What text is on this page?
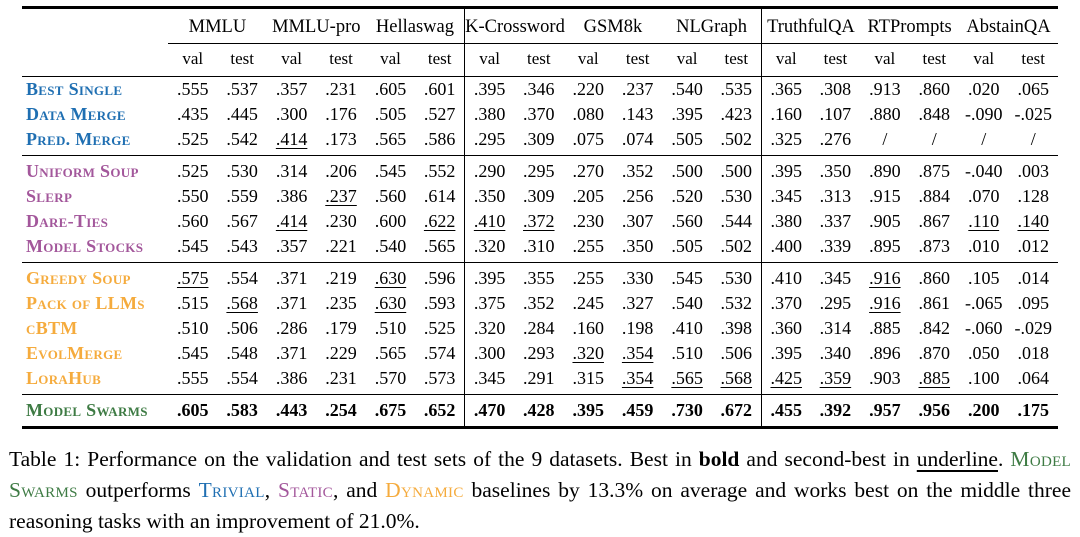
	MMLU		MMLU-pro		Hellaswag		K-Crossword		GSM8k		NLGraph		TruthfulQA		RTPrompts		AbstainQA	
	val	test	val	test	val	test	val	test	val	test	val	test	val	test	val	test	val	test
Best Single	.555	.537	.357	.231	.605	.601	.395	.346	.220	.237	.540	.535	.365	.308	.913	.860	.020	.065
Data Merge	.435	.445	.300	.176	.505	.527	.380	.370	.080	.143	.395	.423	.160	.107	.880	.848	-.090	-.025
Pred. Merge	.525	.542	.414	.173	.565	.586	.295	.309	.075	.074	.505	.502	.325	.276	/	/	/	/
Uniform Soup	.525	.530	.314	.206	.545	.552	.290	.295	.270	.352	.500	.500	.395	.350	.890	.875	-.040	.003
Slerp	.550	.559	.386	.237	.560	.614	.350	.309	.205	.256	.520	.530	.345	.313	.915	.884	.070	.128
Dare-Ties	.560	.567	.414	.230	.600	.622	.410	.372	.230	.307	.560	.544	.380	.337	.905	.867	.110	.140
Model Stocks	.545	.543	.357	.221	.540	.565	.320	.310	.255	.350	.505	.502	.400	.339	.895	.873	.010	.012
Greedy Soup	.575	.554	.371	.219	.630	.596	.395	.355	.255	.330	.545	.530	.410	.345	.916	.860	.105	.014
Pack of LLMs	.515	.568	.371	.235	.630	.593	.375	.352	.245	.327	.540	.532	.370	.295	.916	.861	-.065	.095
cBTM	.510	.506	.286	.179	.510	.525	.320	.284	.160	.198	.410	.398	.360	.314	.885	.842	-.060	-.029
EvolMerge	.545	.548	.371	.229	.565	.574	.300	.293	.320	.354	.510	.506	.395	.340	.896	.870	.050	.018
LoraHub	.555	.554	.386	.231	.570	.573	.345	.291	.315	.354	.565	.568	.425	.359	.903	.885	.100	.064
Model Swarms	.605	.583	.443	.254	.675	.652	.470	.428	.395	.459	.730	.672	.455	.392	.957	.956	.200	.175
Table 1: Performance on the validation and test sets of the 9 datasets. Best in bold and second-best in underline. Model Swarms outperforms Trivial, Static, and Dynamic baselines by 13.3% on average and works best on the middle three reasoning tasks with an improvement of 21.0%.
